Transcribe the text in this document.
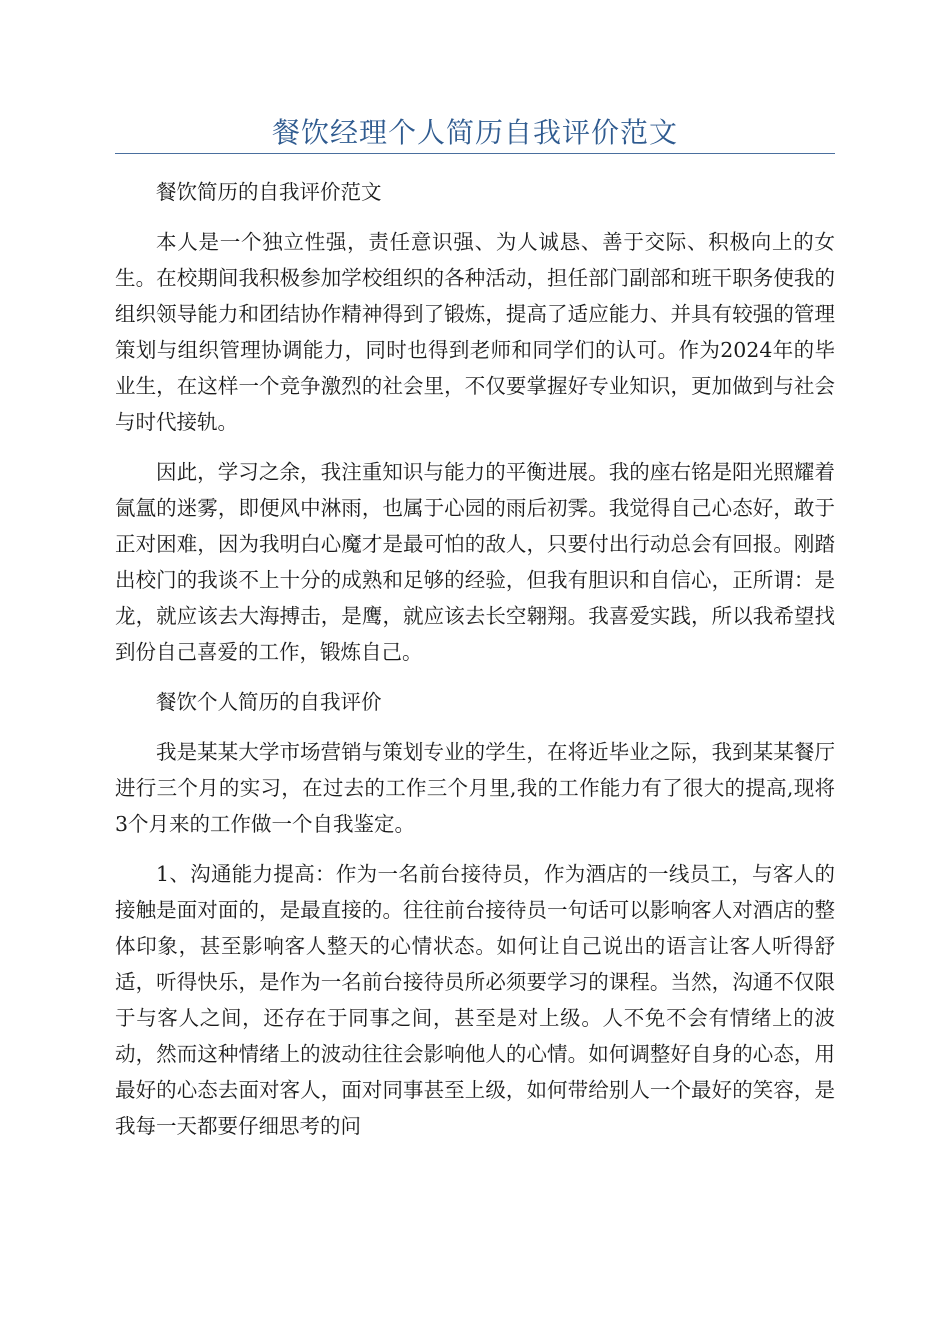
餐饮经理个人简历自我评价范文

餐饮简历的自我评价范文

本人是一个独立性强，责任意识强、为人诚恳、善于交际、积极向上的女生。在校期间我积极参加学校组织的各种活动，担任部门副部和班干职务使我的组织领导能力和团结协作精神得到了锻炼，提高了适应能力、并具有较强的管理策划与组织管理协调能力，同时也得到老师和同学们的认可。作为2024年的毕业生，在这样一个竞争激烈的社会里，不仅要掌握好专业知识，更加做到与社会与时代接轨。

因此，学习之余，我注重知识与能力的平衡进展。我的座右铭是阳光照耀着氤氲的迷雾，即便风中淋雨，也属于心园的雨后初霁。我觉得自己心态好，敢于正对困难，因为我明白心魔才是最可怕的敌人，只要付出行动总会有回报。刚踏出校门的我谈不上十分的成熟和足够的经验，但我有胆识和自信心，正所谓：是龙，就应该去大海搏击，是鹰，就应该去长空翱翔。我喜爱实践，所以我希望找到份自己喜爱的工作，锻炼自己。

餐饮个人简历的自我评价

我是某某大学市场营销与策划专业的学生，在将近毕业之际，我到某某餐厅进行三个月的实习，在过去的工作三个月里,我的工作能力有了很大的提高,现将3个月来的工作做一个自我鉴定。

1、沟通能力提高：作为一名前台接待员，作为酒店的一线员工，与客人的接触是面对面的，是最直接的。往往前台接待员一句话可以影响客人对酒店的整体印象，甚至影响客人整天的心情状态。如何让自己说出的语言让客人听得舒适，听得快乐，是作为一名前台接待员所必须要学习的课程。当然，沟通不仅限于与客人之间，还存在于同事之间，甚至是对上级。人不免不会有情绪上的波动，然而这种情绪上的波动往往会影响他人的心情。如何调整好自身的心态，用最好的心态去面对客人，面对同事甚至上级，如何带给别人一个最好的笑容，是我每一天都要仔细思考的问
